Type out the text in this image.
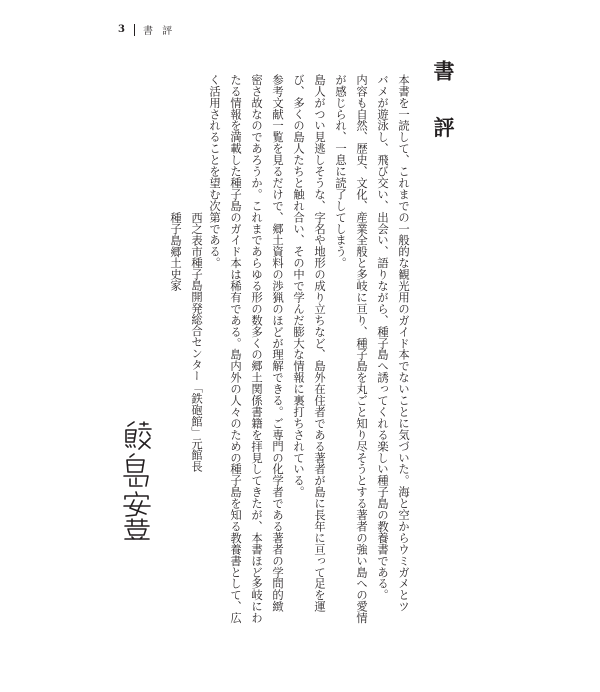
3 書 評
書 評
本書を一読して、これまでの一般的な観光用のガイド本でないことに気づいた。海と空からウミガメとツ
バメが遊泳し、飛び交い、出会い、語りながら、種子島へ誘ってくれる楽しい種子島の教養書である。
内容も自然、歴史、文化、産業全般と多岐に亘り、種子島を丸ごと知り尽そうとする著者の強い島への愛情
が感じられ、一息に読了してしまう。
島人がつい見逃しそうな、字名や地形の成り立ちなど、島外在住者である著者が島に長年に亘って足を運
び、多くの島人たちと触れ合い、その中で学んだ膨大な情報に裏打ちされている。
参考文献一覧を見るだけで、郷土資料の渉猟のほどが理解できる。ご専門の化学者である著者の学問的緻
密さ故なのであろうか。これまであらゆる形の数多くの郷土関係書籍を拝見してきたが、本書ほど多岐にわ
たる情報を満載した種子島のガイド本は稀有である。島内外の人々のための種子島を知る教養書として、広
く活用されることを望む次第である。
西之表市種子島開発総合センター「鉄砲館」元館長
種子島郷土史家
